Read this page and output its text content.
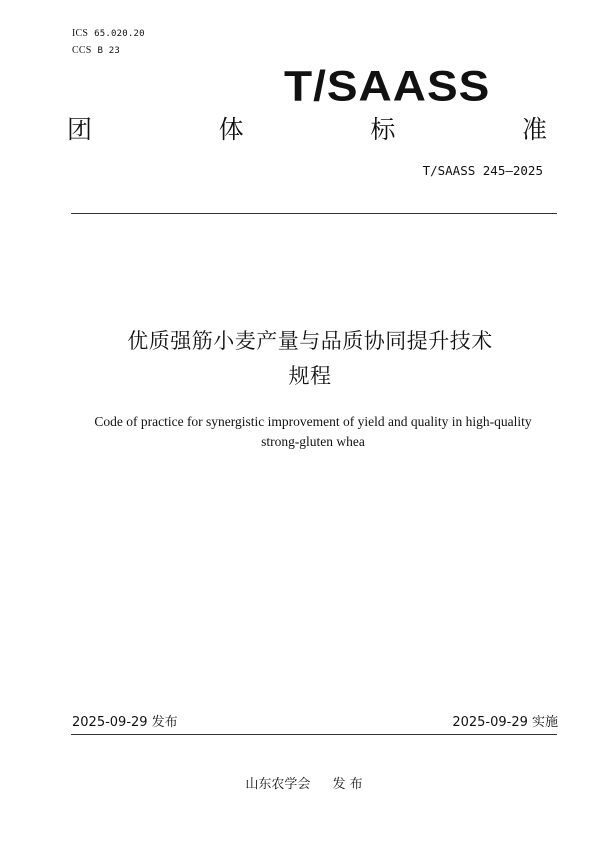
ICS 65.020.20
CCS B 23
T/SAASS
团	体	标	准
T/SAASS 245—2025
优质强筋小麦产量与品质协同提升技术
规程
Code of practice for synergistic improvement of yield and quality in high-quality
strong-gluten whea
2025-09-29 发布	2025-09-29 实施
山东农学会 发 布
